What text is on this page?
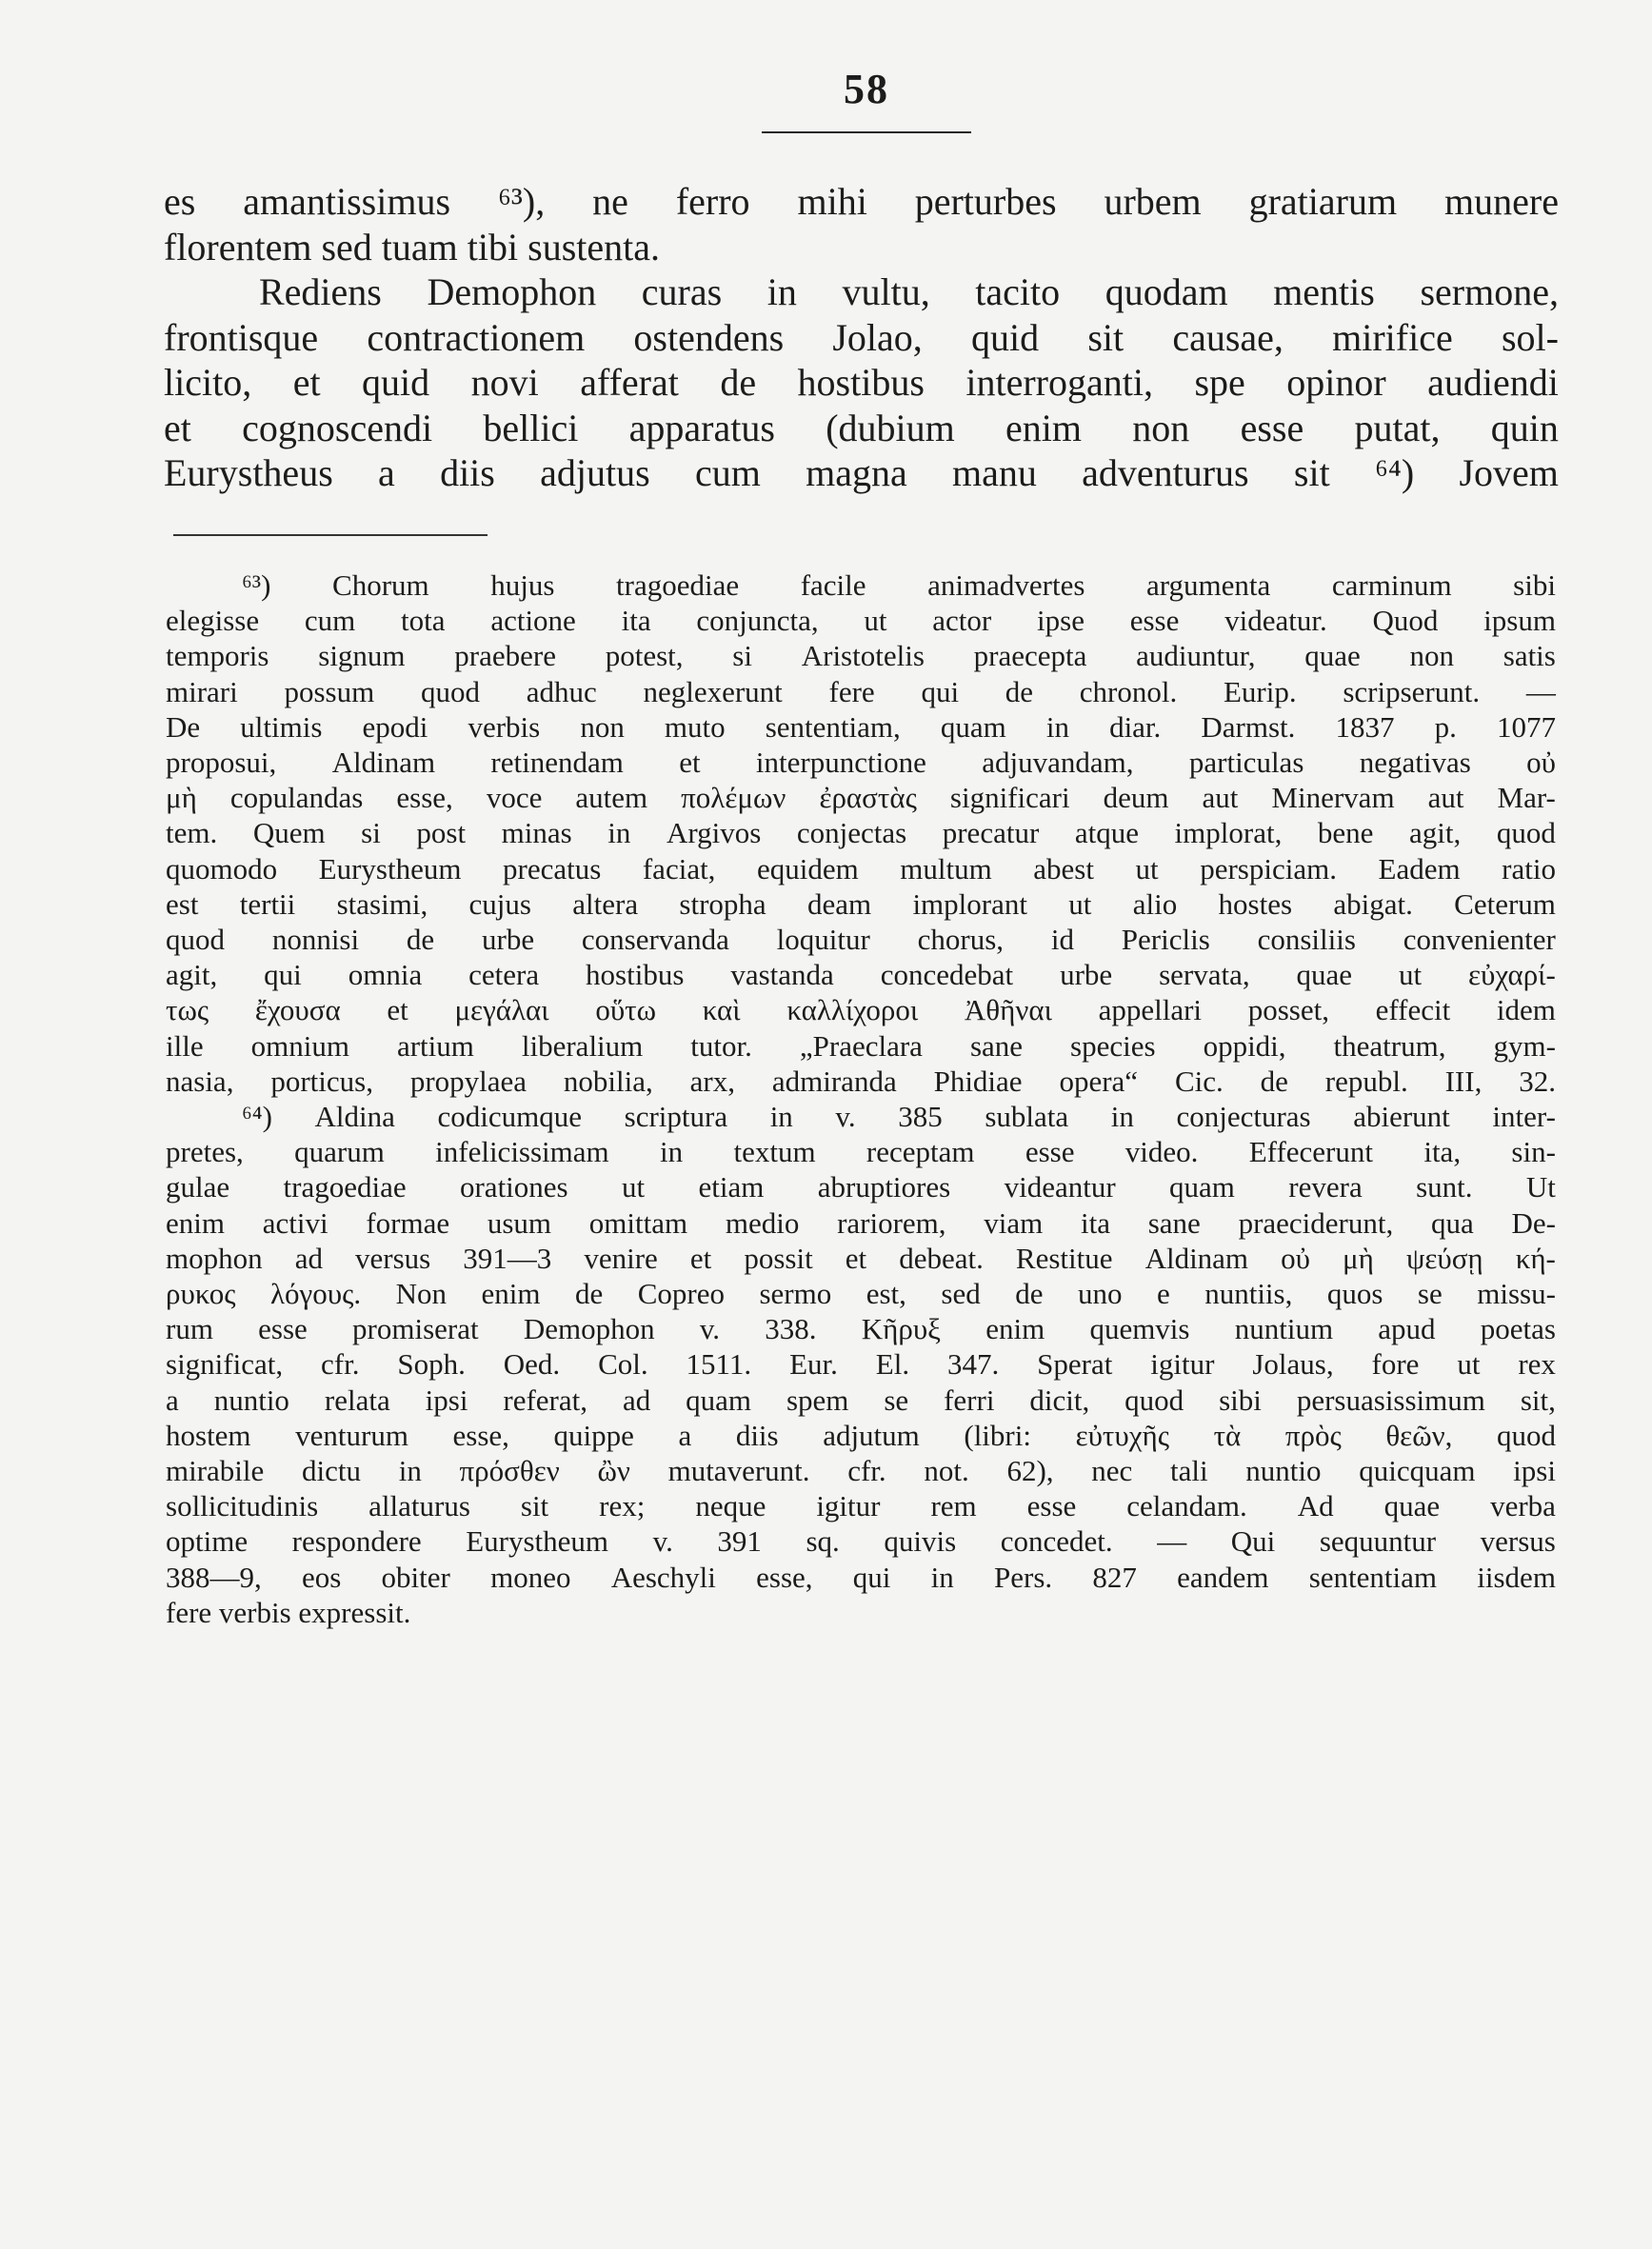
58
es amantissimus ⁶³), ne ferro mihi perturbes urbem gratiarum munere
florentem sed tuam tibi sustenta.
Rediens Demophon curas in vultu, tacito quodam mentis sermone,
frontisque contractionem ostendens Jolao, quid sit causae, mirifice sol-
licito, et quid novi afferat de hostibus interroganti, spe opinor audiendi
et cognoscendi bellici apparatus (dubium enim non esse putat, quin
Eurystheus a diis adjutus cum magna manu adventurus sit ⁶⁴) Jovem
⁶³) Chorum hujus tragoediae facile animadvertes argumenta carminum sibi
elegisse cum tota actione ita conjuncta, ut actor ipse esse videatur. Quod ipsum
temporis signum praebere potest, si Aristotelis praecepta audiuntur, quae non satis
mirari possum quod adhuc neglexerunt fere qui de chronol. Eurip. scripserunt. —
De ultimis epodi verbis non muto sententiam, quam in diar. Darmst. 1837 p. 1077
proposui, Aldinam retinendam et interpunctione adjuvandam, particulas negativas οὐ
μὴ copulandas esse, voce autem πολέμων ἐραστὰς significari deum aut Minervam aut Mar-
tem. Quem si post minas in Argivos conjectas precatur atque implorat, bene agit, quod
quomodo Eurystheum precatus faciat, equidem multum abest ut perspiciam. Eadem ratio
est tertii stasimi, cujus altera stropha deam implorant ut alio hostes abigat. Ceterum
quod nonnisi de urbe conservanda loquitur chorus, id Periclis consiliis convenienter
agit, qui omnia cetera hostibus vastanda concedebat urbe servata, quae ut εὐχαρί-
τως ἔχουσα et μεγάλαι οὕτω καὶ καλλίχοροι Ἀθῆναι appellari posset, effecit idem
ille omnium artium liberalium tutor. „Praeclara sane species oppidi, theatrum, gym-
nasia, porticus, propylaea nobilia, arx, admiranda Phidiae opera“ Cic. de republ. III, 32.
⁶⁴) Aldina codicumque scriptura in v. 385 sublata in conjecturas abierunt inter-
pretes, quarum infelicissimam in textum receptam esse video. Effecerunt ita, sin-
gulae tragoediae orationes ut etiam abruptiores videantur quam revera sunt. Ut
enim activi formae usum omittam medio rariorem, viam ita sane praeciderunt, qua De-
mophon ad versus 391—3 venire et possit et debeat. Restitue Aldinam οὐ μὴ ψεύσῃ κή-
ρυκος λόγους. Non enim de Copreo sermo est, sed de uno e nuntiis, quos se missu-
rum esse promiserat Demophon v. 338. Κῆρυξ enim quemvis nuntium apud poetas
significat, cfr. Soph. Oed. Col. 1511. Eur. El. 347. Sperat igitur Jolaus, fore ut rex
a nuntio relata ipsi referat, ad quam spem se ferri dicit, quod sibi persuasissimum sit,
hostem venturum esse, quippe a diis adjutum (libri: εὐτυχῆς τὰ πρὸς θεῶν, quod
mirabile dictu in πρόσθεν ὢν mutaverunt. cfr. not. 62), nec tali nuntio quicquam ipsi
sollicitudinis allaturus sit rex; neque igitur rem esse celandam. Ad quae verba
optime respondere Eurystheum v. 391 sq. quivis concedet. — Qui sequuntur versus
388—9, eos obiter moneo Aeschyli esse, qui in Pers. 827 eandem sententiam iisdem
fere verbis expressit.
